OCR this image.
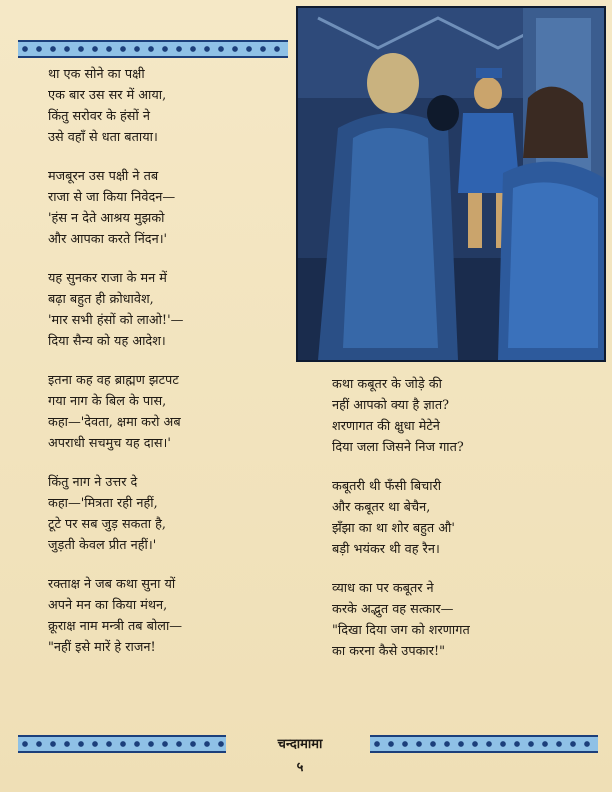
था एक सोने का पक्षी
एक बार उस सर में आया,
किंतु सरोवर के हंसों ने
उसे वहाँ से धता बताया।
मजबूरन उस पक्षी ने तब
राजा से जा किया निवेदन—
'हंस न देते आश्रय मुझको
और आपका करते निंदन।'
यह सुनकर राजा के मन में
बढ़ा बहुत ही क्रोधावेश,
'मार सभी हंसों को लाओ!'—
दिया सैन्य को यह आदेश।
इतना कह वह ब्राह्मण झटपट
गया नाग के बिल के पास,
कहा—'देवता, क्षमा करो अब
अपराधी सचमुच यह दास।'
किंतु नाग ने उत्तर दे
कहा—'मित्रता रही नहीं,
टूटे पर सब जुड़ सकता है,
जुड़ती केवल प्रीत नहीं।'
रक्ताक्ष ने जब कथा सुना यों
अपने मन का किया मंथन,
क्रूराक्ष नाम मन्त्री तब बोला—
"नहीं इसे मारें हे राजन!
कथा कबूतर के जोड़े की
नहीं आपको क्या है ज्ञात?
शरणागत की क्षुधा मेटेने
दिया जला जिसने निज गात?
कबूतरी थी फँसी बिचारी
और कबूतर था बेचैन,
झँझा का था शोर बहुत औ'
बड़ी भयंकर थी वह रैन।
व्याध का पर कबूतर ने
करके अद्भुत वह सत्कार—
"दिखा दिया जग को शरणागत
का करना कैसे उपकार!"
चन्दामामा
५
